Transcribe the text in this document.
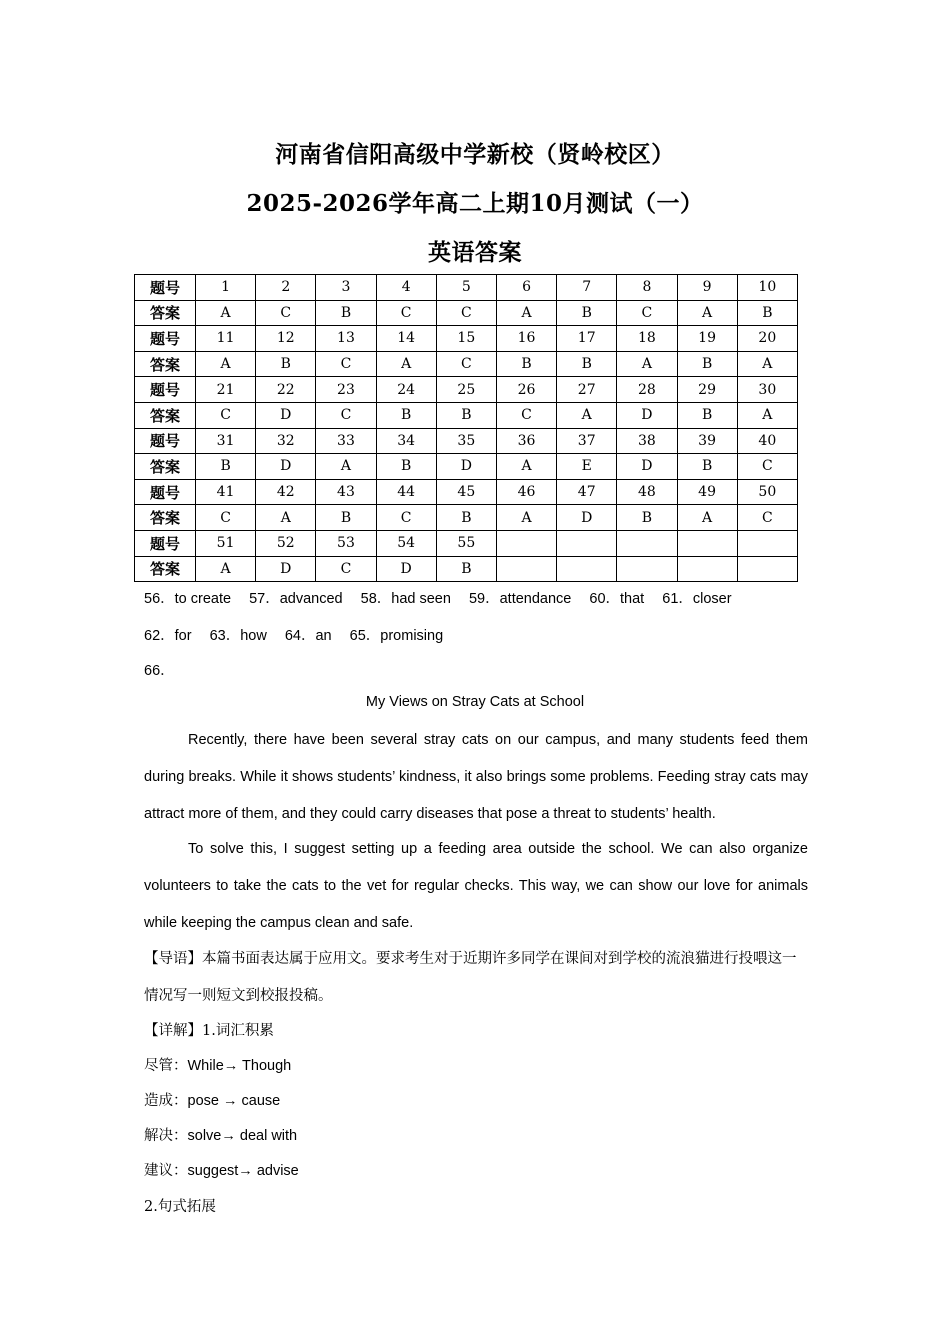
河南省信阳高级中学新校（贤岭校区）
2025-2026学年高二上期10月测试（一）
英语答案
题号	1	2	3	4	5	6	7	8	9	10
答案	A	C	B	C	C	A	B	C	A	B
题号	11	12	13	14	15	16	17	18	19	20
答案	A	B	C	A	C	B	B	A	B	A
题号	21	22	23	24	25	26	27	28	29	30
答案	C	D	C	B	B	C	A	D	B	A
题号	31	32	33	34	35	36	37	38	39	40
答案	B	D	A	B	D	A	E	D	B	C
题号	41	42	43	44	45	46	47	48	49	50
答案	C	A	B	C	B	A	D	B	A	C
题号	51	52	53	54	55					
答案	A	D	C	D	B					
56．to create 57．advanced 58．had seen 59．attendance 60．that 61．closer
62．for 63．how 64．an 65．promising
66．
My Views on Stray Cats at School
Recently, there have been several stray cats on our campus, and many students feed them during breaks. While it shows students’ kindness, it also brings some problems. Feeding stray cats may attract more of them, and they could carry diseases that pose a threat to students’ health.
To solve this, I suggest setting up a feeding area outside the school. We can also organize volunteers to take the cats to the vet for regular checks. This way, we can show our love for animals while keeping the campus clean and safe.
【导语】本篇书面表达属于应用文。要求考生对于近期许多同学在课间对到学校的流浪猫进行投喂这一情况写一则短文到校报投稿。
【详解】1.词汇积累
尽管：While→ Though
造成：pose → cause
解决：solve→ deal with
建议：suggest→ advise
2.句式拓展
